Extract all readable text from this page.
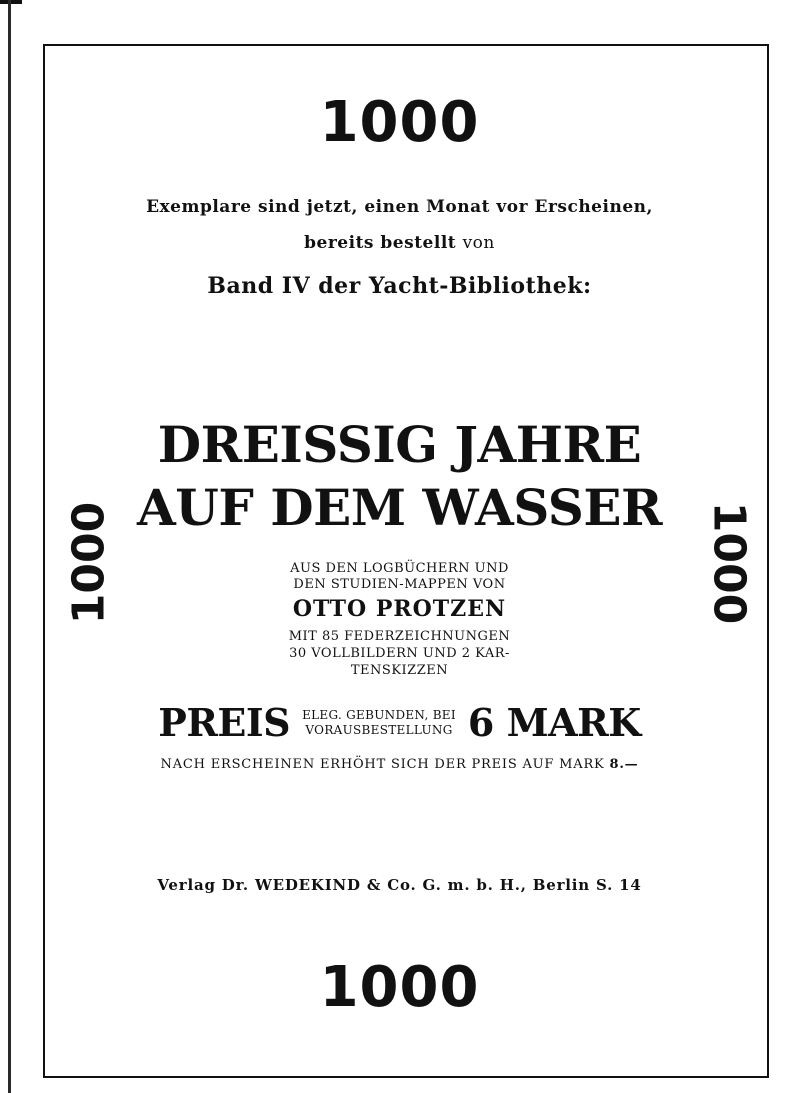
1000
Exemplare sind jetzt, einen Monat vor Erscheinen,
bereits bestellt von
Band IV der Yacht-Bibliothek:
DREISSIG JAHRE
AUF DEM WASSER
1000	1000
AUS DEN LOGBÜCHERN UND
DEN STUDIEN-MAPPEN VON
OTTO PROTZEN
MIT 85 FEDERZEICHNUNGEN
30 VOLLBILDERN UND 2 KAR-
TENSKIZZEN
PREIS ELEG. GEBUNDEN, BEI
VORAUSBESTELLUNG 6 MARK
NACH ERSCHEINEN ERHÖHT SICH DER PREIS AUF MARK 8.—
Verlag Dr. WEDEKIND & Co. G. m. b. H., Berlin S. 14
1000
